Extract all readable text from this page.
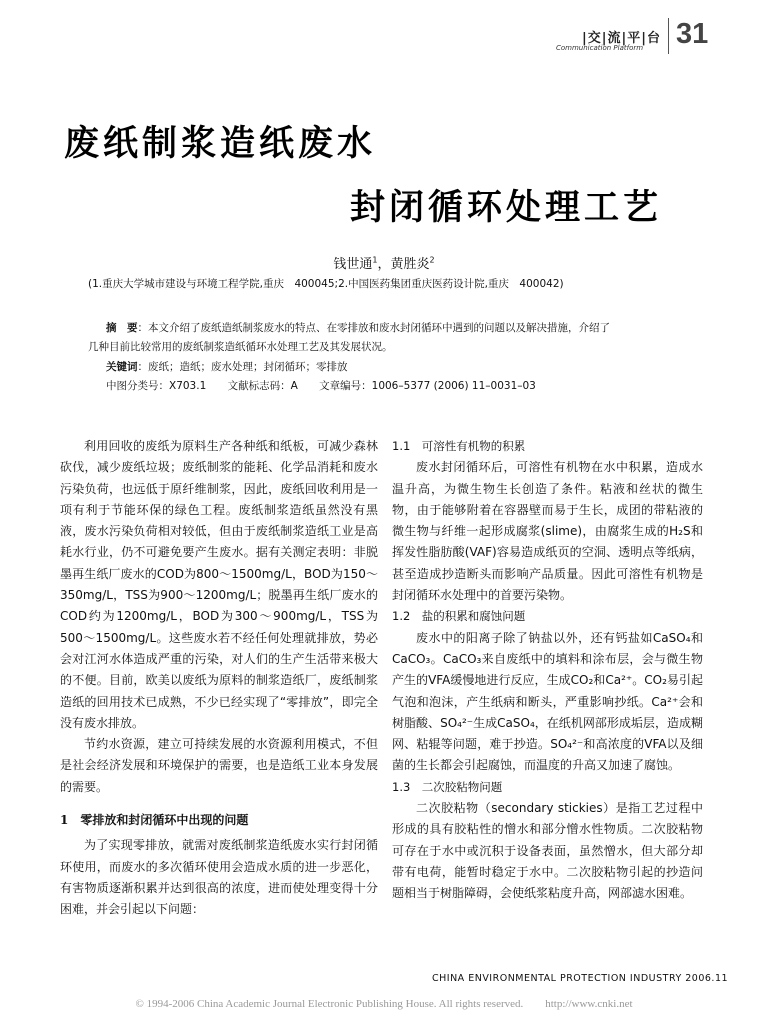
|交|流|平|台
Communication Platform 31
废纸制浆造纸废水
封闭循环处理工艺
钱世通$^1$，黄胜炎$^2$
(1.重庆大学城市建设与环境工程学院,重庆　400045;2.中国医药集团重庆医药设计院,重庆　400042)
摘　要：本文介绍了废纸造纸制浆废水的特点、在零排放和废水封闭循环中遇到的问题以及解决措施，介绍了
几种目前比较常用的废纸制浆造纸循环水处理工艺及其发展状况。
关键词：废纸；造纸；废水处理；封闭循环；零排放
中图分类号：X703.1 文献标志码：A 文章编号：1006–5377 (2006) 11–0031–03

利用回收的废纸为原料生产各种纸和纸板，可减少森林砍伐，减少废纸垃圾；废纸制浆的能耗、化学品消耗和废水污染负荷，也远低于原纤维制浆，因此，废纸回收利用是一项有利于节能环保的绿色工程。废纸制浆造纸虽然没有黑液，废水污染负荷相对较低，但由于废纸制浆造纸工业是高耗水行业，仍不可避免要产生废水。据有关测定表明：非脱墨再生纸厂废水的COD为800～1500mg/L，BOD为150～350mg/L，TSS为900～1200mg/L；脱墨再生纸厂废水的COD约为1200mg/L，BOD为300～900mg/L，TSS为500～1500mg/L。这些废水若不经任何处理就排放，势必会对江河水体造成严重的污染，对人们的生产生活带来极大的不便。目前，欧美以废纸为原料的制浆造纸厂，废纸制浆造纸的回用技术已成熟，不少已经实现了“零排放”，即完全没有废水排放。

节约水资源，建立可持续发展的水资源利用模式，不但是社会经济发展和环境保护的需要，也是造纸工业本身发展的需要。

1　零排放和封闭循环中出现的问题

为了实现零排放，就需对废纸制浆造纸废水实行封闭循环使用，而废水的多次循环使用会造成水质的进一步恶化，有害物质逐渐积累并达到很高的浓度，进而使处理变得十分困难，并会引起以下问题：

1.1　可溶性有机物的积累

废水封闭循环后，可溶性有机物在水中积累，造成水温升高，为微生物生长创造了条件。粘液和丝状的微生物，由于能够附着在容器壁而易于生长，成团的带粘液的微生物与纤维一起形成腐浆(slime)，由腐浆生成的H₂S和挥发性脂肪酸(VAF)容易造成纸页的空洞、透明点等纸病，甚至造成抄造断头而影响产品质量。因此可溶性有机物是封闭循环水处理中的首要污染物。

1.2　盐的积累和腐蚀问题

废水中的阳离子除了钠盐以外，还有钙盐如CaSO₄和CaCO₃。CaCO₃来自废纸中的填料和涂布层，会与微生物产生的VFA缓慢地进行反应，生成CO₂和Ca²⁺。CO₂易引起气泡和泡沫，产生纸病和断头，严重影响抄纸。Ca²⁺会和树脂酸、SO₄²⁻生成CaSO₄，在纸机网部形成垢层，造成糊网、粘辊等问题，难于抄造。SO₄²⁻和高浓度的VFA以及细菌的生长都会引起腐蚀，而温度的升高又加速了腐蚀。

1.3　二次胶粘物问题

二次胶粘物（secondary stickies）是指工艺过程中形成的具有胶粘性的憎水和部分憎水性物质。二次胶粘物可存在于水中或沉积于设备表面，虽然憎水，但大部分却带有电荷，能暂时稳定于水中。二次胶粘物引起的抄造问题相当于树脂障碍，会使纸浆粘度升高，网部滤水困难。

CHINA ENVIRONMENTAL PROTECTION INDUSTRY 2006.11
© 1994-2006 China Academic Journal Electronic Publishing House. All rights reserved.　　http://www.cnki.net
